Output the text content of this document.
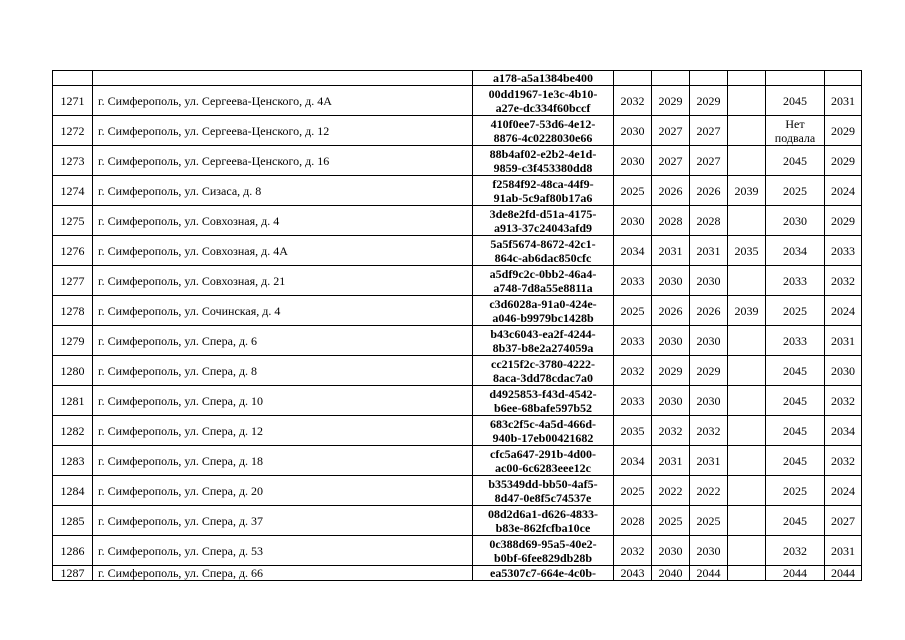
		a178-a5a1384be400						

1271	г. Симферополь, ул. Сергеева-Ценского, д. 4А	00dd1967-1e3c-4b10-
a27e-dc334f60bccf	2032	2029	2029		2045	2031
1272	г. Симферополь, ул. Сергеева-Ценского, д. 12	410f0ee7-53d6-4e12-
8876-4c0228030e66	2030	2027	2027		Нет
подвала	2029
1273	г. Симферополь, ул. Сергеева-Ценского, д. 16	88b4af02-e2b2-4e1d-
9859-c3f453380dd8	2030	2027	2027		2045	2029
1274	г. Симферополь, ул. Сизаса, д. 8	f2584f92-48ca-44f9-
91ab-5c9af80b17a6	2025	2026	2026	2039	2025	2024
1275	г. Симферополь, ул. Совхозная, д. 4	3de8e2fd-d51a-4175-
a913-37c24043afd9	2030	2028	2028		2030	2029
1276	г. Симферополь, ул. Совхозная, д. 4А	5a5f5674-8672-42c1-
864c-ab6dac850cfc	2034	2031	2031	2035	2034	2033
1277	г. Симферополь, ул. Совхозная, д. 21	a5df9c2c-0bb2-46a4-
a748-7d8a55e8811a	2033	2030	2030		2033	2032
1278	г. Симферополь, ул. Сочинская, д. 4	c3d6028a-91a0-424e-
a046-b9979bc1428b	2025	2026	2026	2039	2025	2024
1279	г. Симферополь, ул. Спера, д. 6	b43c6043-ea2f-4244-
8b37-b8e2a274059a	2033	2030	2030		2033	2031
1280	г. Симферополь, ул. Спера, д. 8	cc215f2c-3780-4222-
8aca-3dd78cdac7a0	2032	2029	2029		2045	2030
1281	г. Симферополь, ул. Спера, д. 10	d4925853-f43d-4542-
b6ee-68bafe597b52	2033	2030	2030		2045	2032
1282	г. Симферополь, ул. Спера, д. 12	683c2f5c-4a5d-466d-
940b-17eb00421682	2035	2032	2032		2045	2034
1283	г. Симферополь, ул. Спера, д. 18	cfc5a647-291b-4d00-
ac00-6c6283eee12c	2034	2031	2031		2045	2032
1284	г. Симферополь, ул. Спера, д. 20	b35349dd-bb50-4af5-
8d47-0e8f5c74537e	2025	2022	2022		2025	2024
1285	г. Симферополь, ул. Спера, д. 37	08d2d6a1-d626-4833-
b83e-862fcfba10ce	2028	2025	2025		2045	2027
1286	г. Симферополь, ул. Спера, д. 53	0c388d69-95a5-40e2-
b0bf-6fee829db28b	2032	2030	2030		2032	2031
1287	г. Симферополь, ул. Спера, д. 66	ea5307c7-664e-4c0b-	2043	2040	2044		2044	2044
